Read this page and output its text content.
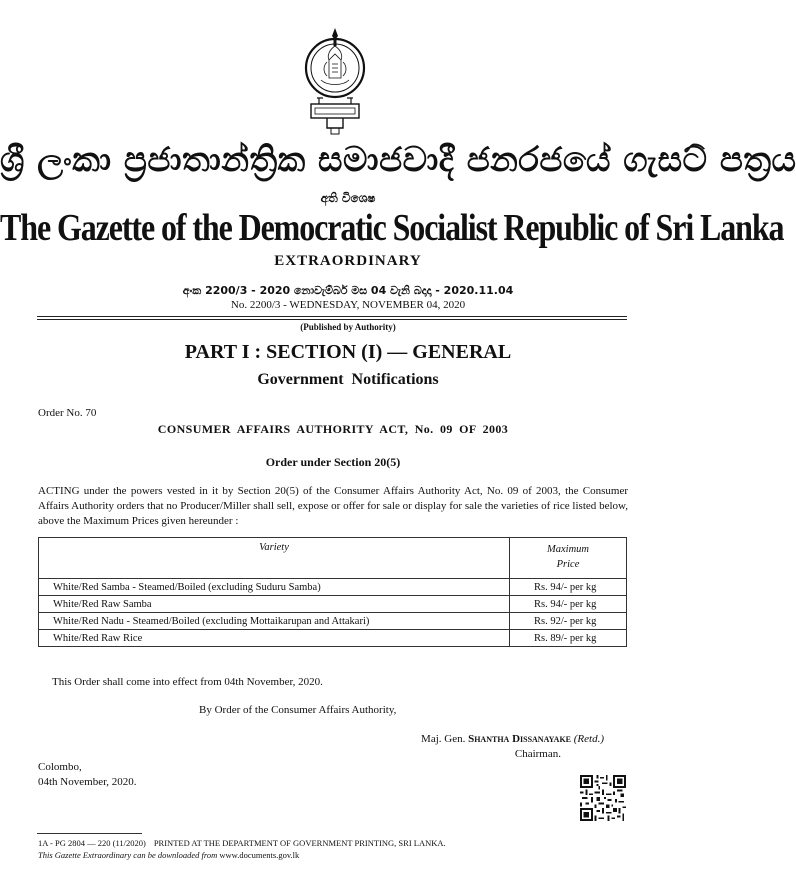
ශ්‍රී ලංකා ප්‍රජාතාන්ත්‍රික සමාජවාදී ජනරජයේ ගැසට් පත්‍රය
අති විශෙෂ
The Gazette of the Democratic Socialist Republic of Sri Lanka
EXTRAORDINARY
අංක 2200/3 - 2020 නොවැම්බර් මස 04 වැනි බදාදා - 2020.11.04
No. 2200/3 - WEDNESDAY, NOVEMBER 04, 2020
(Published by Authority)
PART I : SECTION (I) — GENERAL
Government Notifications
Order No. 70
CONSUMER AFFAIRS AUTHORITY ACT, No. 09 OF 2003
Order under Section 20(5)
ACTING under the powers vested in it by Section 20(5) of the Consumer Affairs Authority Act, No. 09 of 2003, the Consumer Affairs Authority orders that no Producer/Miller shall sell, expose or offer for sale or display for sale the varieties of rice listed below, above the Maximum Prices given hereunder :
Variety	Maximum
Price
White/Red Samba - Steamed/Boiled (excluding Suduru Samba)	Rs. 94/- per kg
White/Red Raw Samba	Rs. 94/- per kg
White/Red Nadu - Steamed/Boiled (excluding Mottaikarupan and Attakari)	Rs. 92/- per kg
White/Red Raw Rice	Rs. 89/- per kg
This Order shall come into effect from 04th November, 2020.
By Order of the Consumer Affairs Authority,
Maj. Gen. Shantha Dissanayake (Retd.)
Chairman.
Colombo,
04th November, 2020.
1A - PG 2804 — 220 (11/2020) PRINTED AT THE DEPARTMENT OF GOVERNMENT PRINTING, SRI LANKA.
This Gazette Extraordinary can be downloaded from www.documents.gov.lk
